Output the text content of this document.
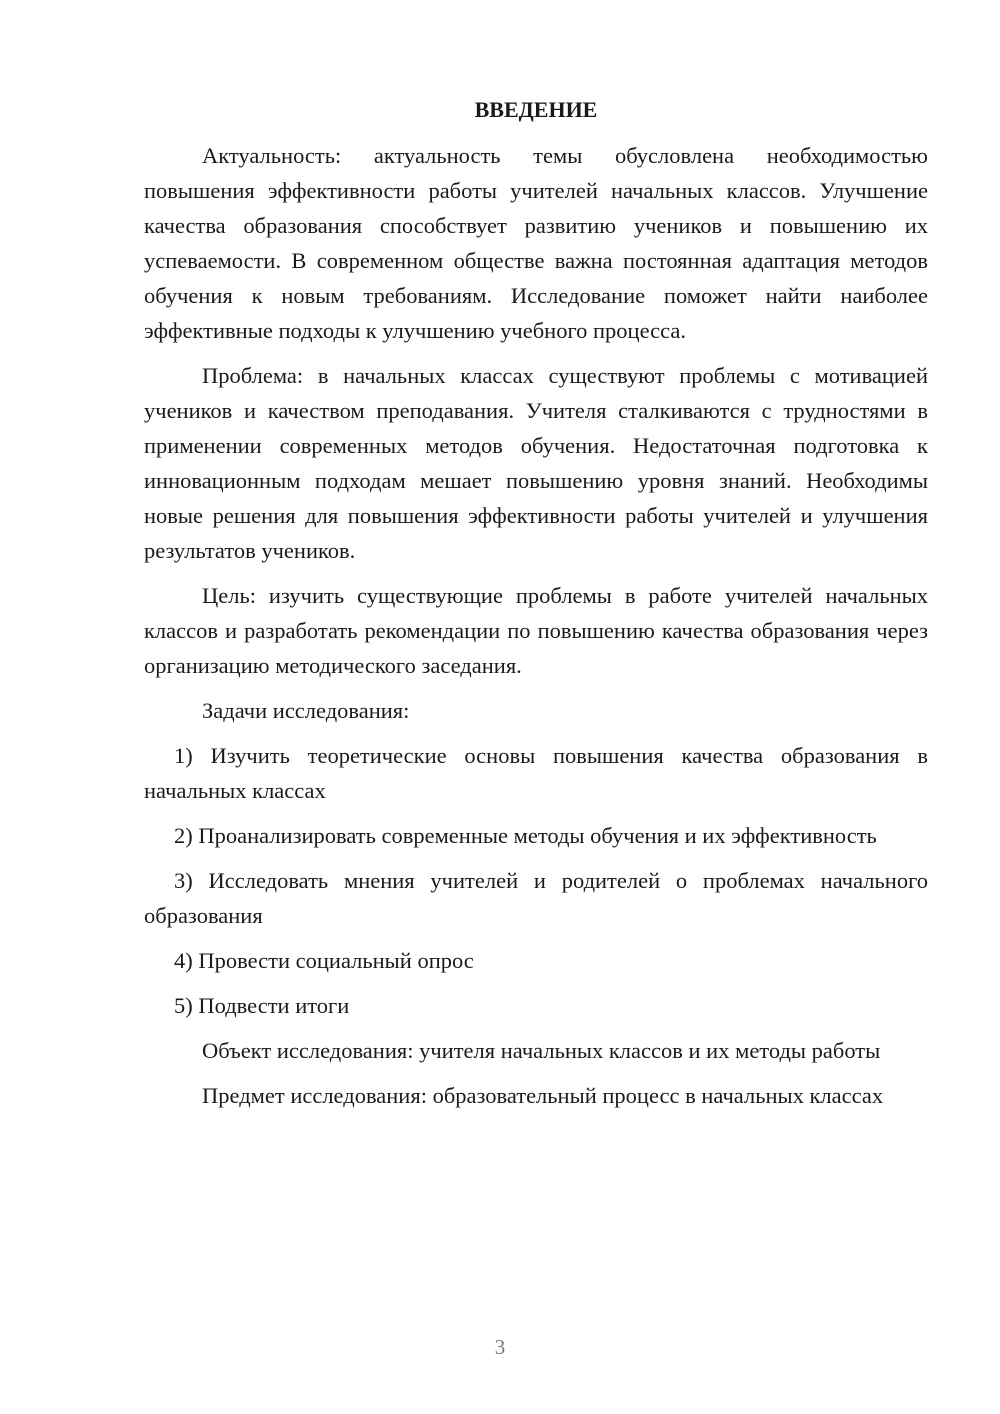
ВВЕДЕНИЕ

Актуальность: актуальность темы обусловлена необходимостью повышения эффективности работы учителей начальных классов. Улучшение качества образования способствует развитию учеников и повышению их успеваемости. В современном обществе важна постоянная адаптация методов обучения к новым требованиям. Исследование поможет найти наиболее эффективные подходы к улучшению учебного процесса.

Проблема: в начальных классах существуют проблемы с мотивацией учеников и качеством преподавания. Учителя сталкиваются с трудностями в применении современных методов обучения. Недостаточная подготовка к инновационным подходам мешает повышению уровня знаний. Необходимы новые решения для повышения эффективности работы учителей и улучшения результатов учеников.

Цель: изучить существующие проблемы в работе учителей начальных классов и разработать рекомендации по повышению качества образования через организацию методического заседания.

Задачи исследования:

1) Изучить теоретические основы повышения качества образования в начальных классах

2) Проанализировать современные методы обучения и их эффективность

3) Исследовать мнения учителей и родителей о проблемах начального образования

4) Провести социальный опрос

5) Подвести итоги

Объект исследования: учителя начальных классов и их методы работы

Предмет исследования: образовательный процесс в начальных классах

3
